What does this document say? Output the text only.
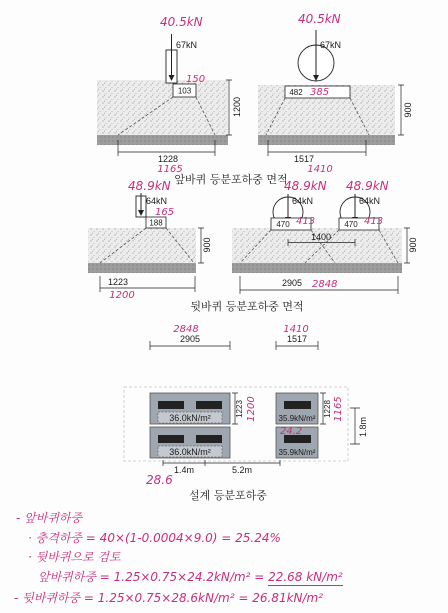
103
150
67kN
40.5kN
1228
1165
1200
482 385
67kN
40.5kN
1517
1410
900
앞바퀴 등분포하중 면적
188
165
64kN
48.9kN
1223
1200
900
470 413
64kN
48.9kN
470 413
64kN
48.9kN
1400
2905 2848
900
뒷바퀴 등분포하중 면적
2905
2848
1517
1410
36.0kN/m²
36.0kN/m²
35.9kN/m²
35.9kN/m²
1223 1200	1228 1165
1.8m
1.4m	5.2m
28.6
24.2
설계 등분포하중
- 앞바퀴하중
· 충격하중 = 40×(1-0.0004×9.0) = 25.24%
· 뒷바퀴으로 검토
앞바퀴하중 = 1.25×0.75×24.2kN/m² = 22.68 kN/m²
- 뒷바퀴하중 = 1.25×0.75×28.6kN/m² = 26.81kN/m²
